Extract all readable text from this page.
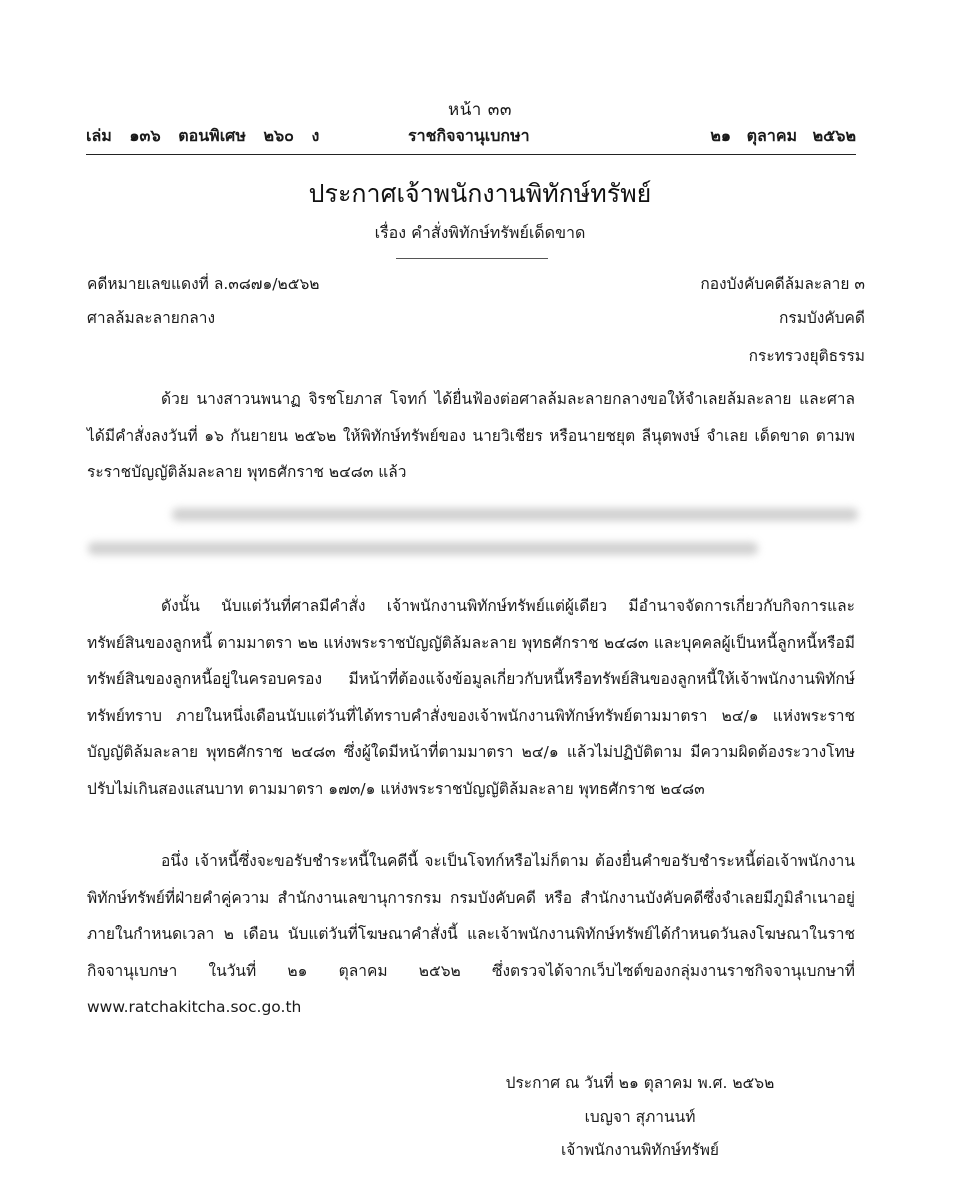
หน้า ๓๓
เล่ม ๑๓๖ ตอนพิเศษ ๒๖๐ ง	ราชกิจจานุเบกษา	๒๑ ตุลาคม ๒๕๖๒
ประกาศเจ้าพนักงานพิทักษ์ทรัพย์
เรื่อง คำสั่งพิทักษ์ทรัพย์เด็ดขาด
คดีหมายเลขแดงที่ ล.๓๘๗๑/๒๕๖๒
ศาลล้มละลายกลาง
กองบังคับคดีล้มละลาย ๓
กรมบังคับคดี
กระทรวงยุติธรรม
ด้วย นางสาวนพนาฏ จิรชโยภาส โจทก์ ได้ยื่นฟ้องต่อศาลล้มละลายกลางขอให้จำเลยล้มละลาย และศาลได้มีคำสั่งลงวันที่ ๑๖ กันยายน ๒๕๖๒ ให้พิทักษ์ทรัพย์ของ นายวิเชียร หรือนายชยุต ลีนุตพงษ์ จำเลย เด็ดขาด ตามพระราชบัญญัติล้มละลาย พุทธศักราช ๒๔๘๓ แล้ว
ดังนั้น นับแต่วันที่ศาลมีคำสั่ง เจ้าพนักงานพิทักษ์ทรัพย์แต่ผู้เดียว มีอำนาจจัดการเกี่ยวกับกิจการและทรัพย์สินของลูกหนี้ ตามมาตรา ๒๒ แห่งพระราชบัญญัติล้มละลาย พุทธศักราช ๒๔๘๓ และบุคคลผู้เป็นหนี้ลูกหนี้หรือมีทรัพย์สินของลูกหนี้อยู่ในครอบครอง มีหน้าที่ต้องแจ้งข้อมูลเกี่ยวกับหนี้หรือทรัพย์สินของลูกหนี้ให้เจ้าพนักงานพิทักษ์ทรัพย์ทราบ ภายในหนึ่งเดือนนับแต่วันที่ได้ทราบคำสั่งของเจ้าพนักงานพิทักษ์ทรัพย์ตามมาตรา ๒๔/๑ แห่งพระราชบัญญัติล้มละลาย พุทธศักราช ๒๔๘๓ ซึ่งผู้ใดมีหน้าที่ตามมาตรา ๒๔/๑ แล้วไม่ปฏิบัติตาม มีความผิดต้องระวางโทษปรับไม่เกินสองแสนบาท ตามมาตรา ๑๗๓/๑ แห่งพระราชบัญญัติล้มละลาย พุทธศักราช ๒๔๘๓
อนึ่ง เจ้าหนี้ซึ่งจะขอรับชำระหนี้ในคดีนี้ จะเป็นโจทก์หรือไม่ก็ตาม ต้องยื่นคำขอรับชำระหนี้ต่อเจ้าพนักงานพิทักษ์ทรัพย์ที่ฝ่ายคำคู่ความ สำนักงานเลขานุการกรม กรมบังคับคดี หรือ สำนักงานบังคับคดีซึ่งจำเลยมีภูมิลำเนาอยู่ ภายในกำหนดเวลา ๒ เดือน นับแต่วันที่โฆษณาคำสั่งนี้ และเจ้าพนักงานพิทักษ์ทรัพย์ได้กำหนดวันลงโฆษณาในราชกิจจานุเบกษา ในวันที่ ๒๑ ตุลาคม ๒๕๖๒ ซึ่งตรวจได้จากเว็บไซต์ของกลุ่มงานราชกิจจานุเบกษาที่ www.ratchakitcha.soc.go.th
ประกาศ ณ วันที่ ๒๑ ตุลาคม พ.ศ. ๒๕๖๒
เบญจา สุภานนท์
เจ้าพนักงานพิทักษ์ทรัพย์
